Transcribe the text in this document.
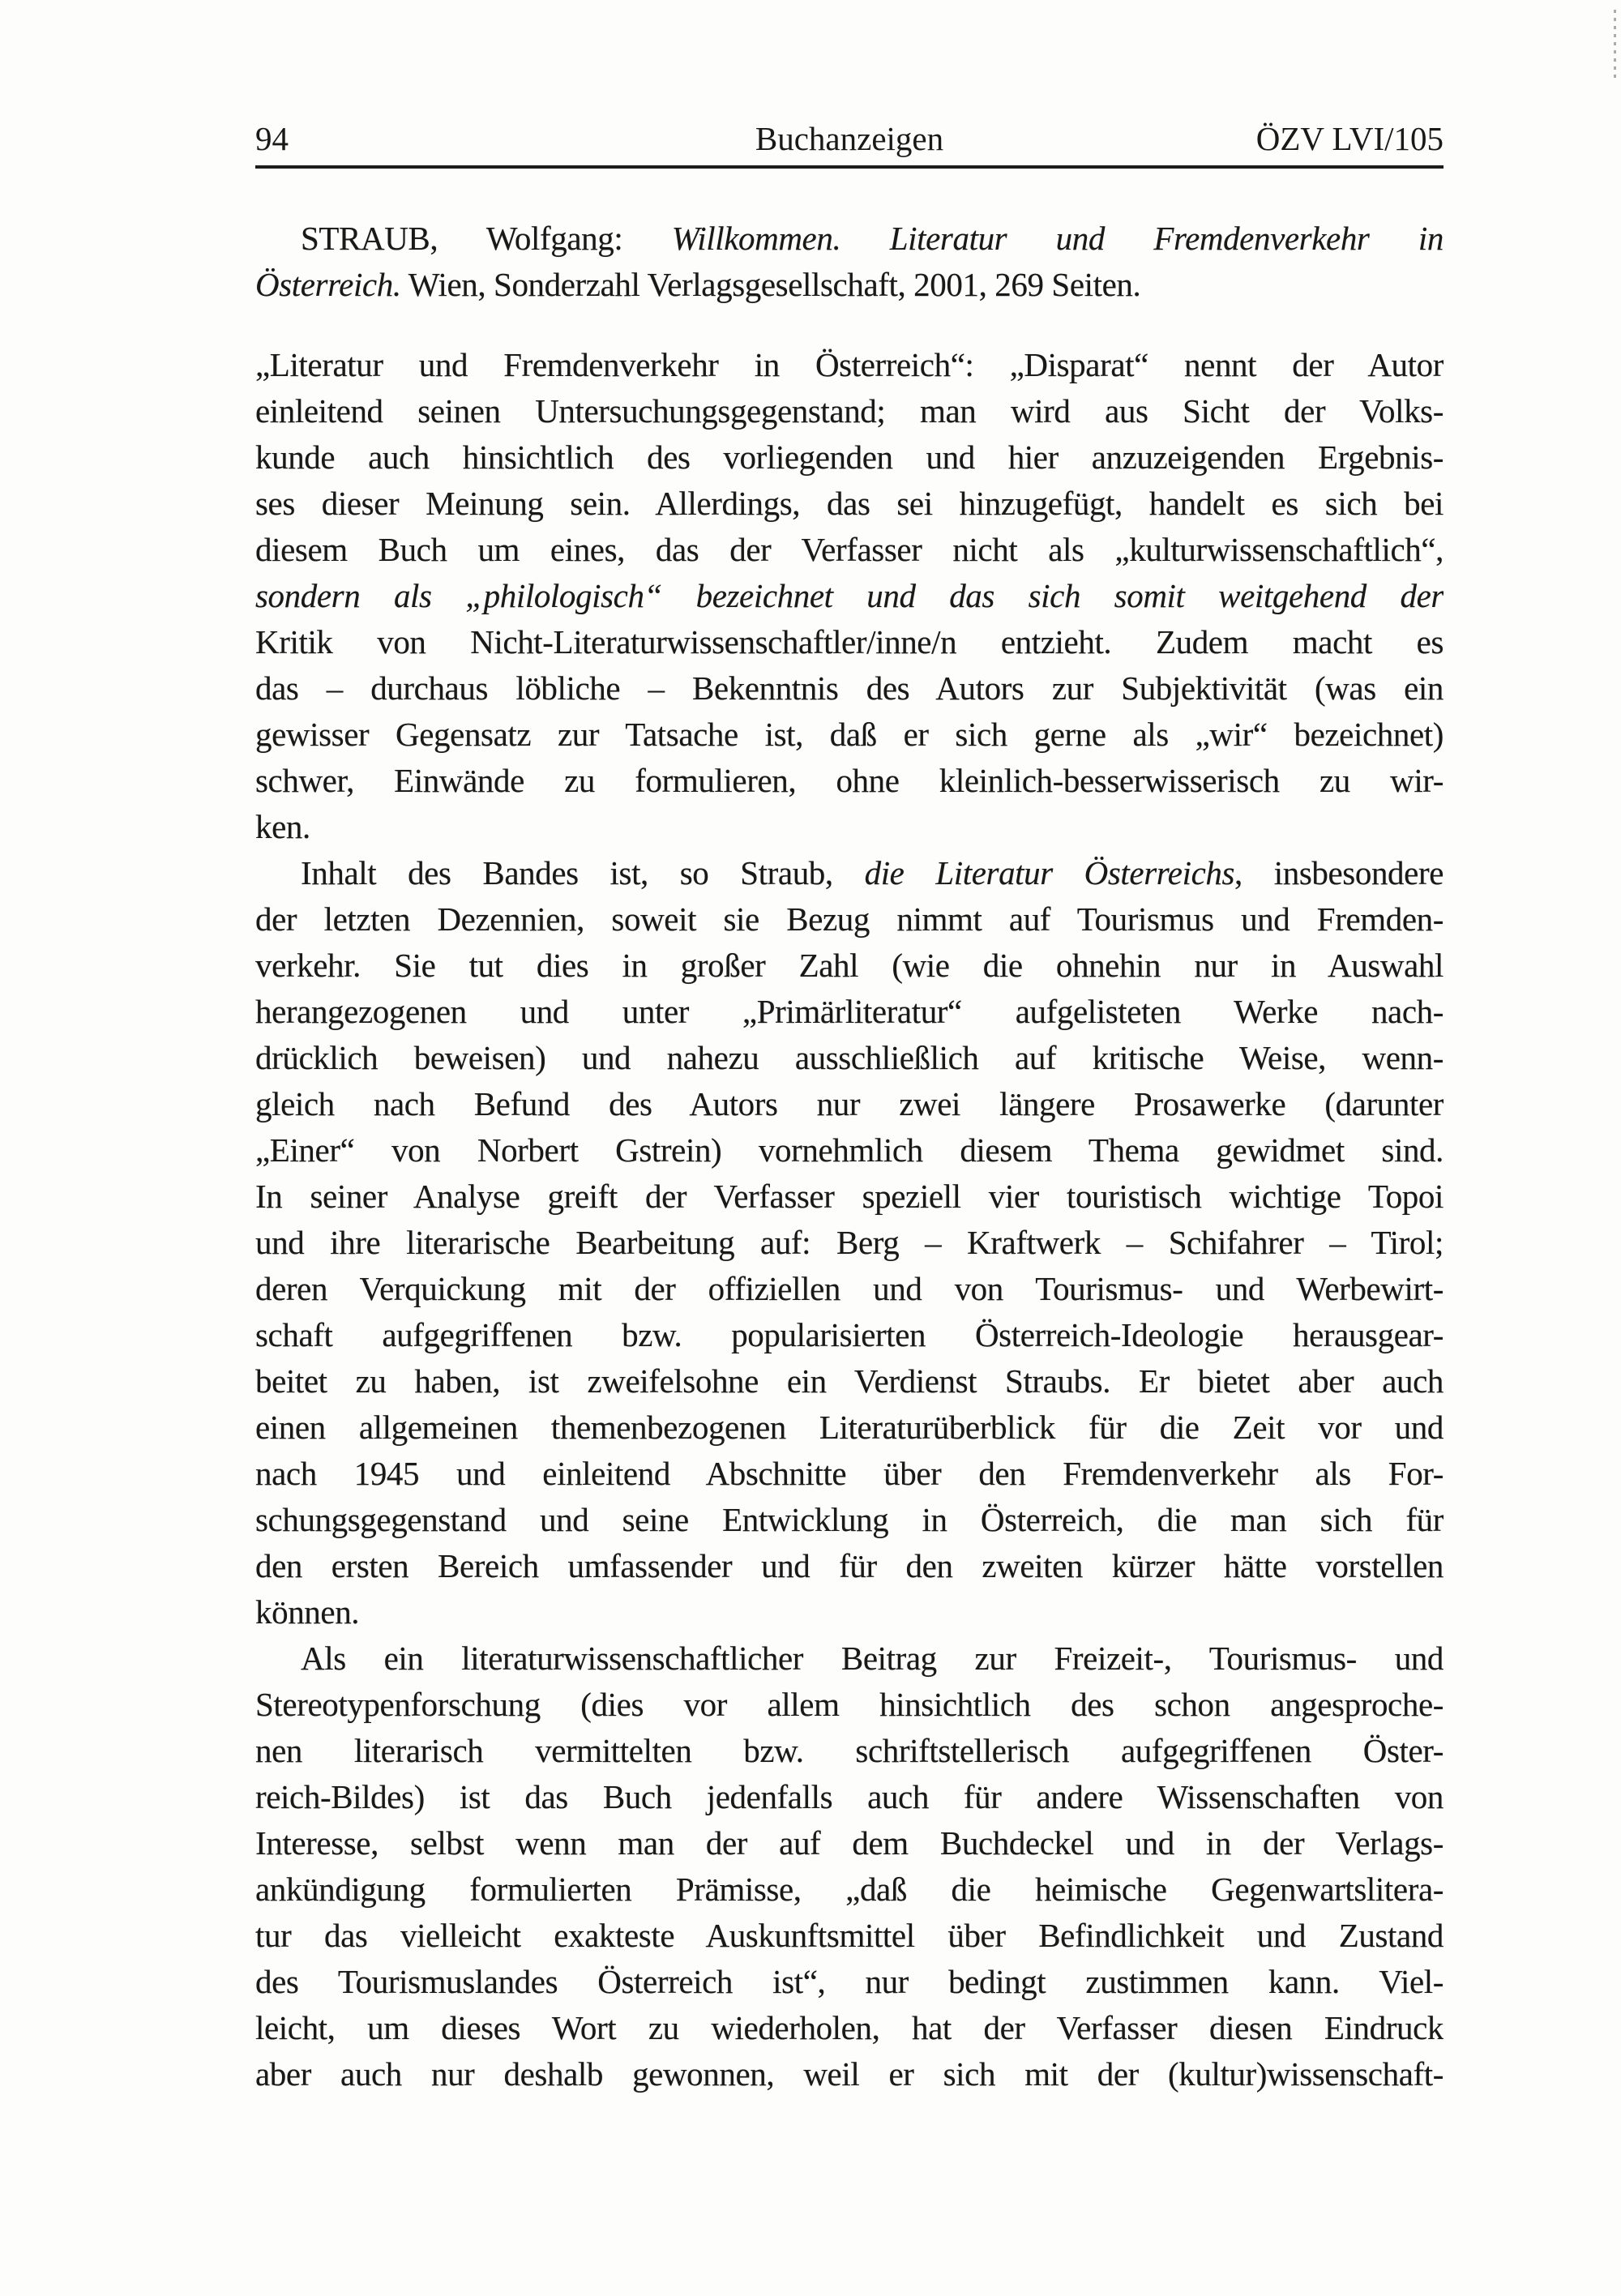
94	Buchanzeigen	ÖZV LVI/105
STRAUB, Wolfgang: Willkommen. Literatur und Fremdenverkehr in
Österreich. Wien, Sonderzahl Verlagsgesellschaft, 2001, 269 Seiten.
„Literatur und Fremdenverkehr in Österreich“: „Disparat“ nennt der Autor
einleitend seinen Untersuchungsgegenstand; man wird aus Sicht der Volks-
kunde auch hinsichtlich des vorliegenden und hier anzuzeigenden Ergebnis-
ses dieser Meinung sein. Allerdings, das sei hinzugefügt, handelt es sich bei
diesem Buch um eines, das der Verfasser nicht als „kulturwissenschaftlich“,
sondern als „philologisch“ bezeichnet und das sich somit weitgehend der
Kritik von Nicht-Literaturwissenschaftler/inne/n entzieht. Zudem macht es
das – durchaus löbliche – Bekenntnis des Autors zur Subjektivität (was ein
gewisser Gegensatz zur Tatsache ist, daß er sich gerne als „wir“ bezeichnet)
schwer, Einwände zu formulieren, ohne kleinlich-besserwisserisch zu wir-
ken.
Inhalt des Bandes ist, so Straub, die Literatur Österreichs, insbesondere
der letzten Dezennien, soweit sie Bezug nimmt auf Tourismus und Fremden-
verkehr. Sie tut dies in großer Zahl (wie die ohnehin nur in Auswahl
herangezogenen und unter „Primärliteratur“ aufgelisteten Werke nach-
drücklich beweisen) und nahezu ausschließlich auf kritische Weise, wenn-
gleich nach Befund des Autors nur zwei längere Prosawerke (darunter
„Einer“ von Norbert Gstrein) vornehmlich diesem Thema gewidmet sind.
In seiner Analyse greift der Verfasser speziell vier touristisch wichtige Topoi
und ihre literarische Bearbeitung auf: Berg – Kraftwerk – Schifahrer – Tirol;
deren Verquickung mit der offiziellen und von Tourismus- und Werbewirt-
schaft aufgegriffenen bzw. popularisierten Österreich-Ideologie herausgear-
beitet zu haben, ist zweifelsohne ein Verdienst Straubs. Er bietet aber auch
einen allgemeinen themenbezogenen Literaturüberblick für die Zeit vor und
nach 1945 und einleitend Abschnitte über den Fremdenverkehr als For-
schungsgegenstand und seine Entwicklung in Österreich, die man sich für
den ersten Bereich umfassender und für den zweiten kürzer hätte vorstellen
können.
Als ein literaturwissenschaftlicher Beitrag zur Freizeit-, Tourismus- und
Stereotypenforschung (dies vor allem hinsichtlich des schon angesproche-
nen literarisch vermittelten bzw. schriftstellerisch aufgegriffenen Öster-
reich-Bildes) ist das Buch jedenfalls auch für andere Wissenschaften von
Interesse, selbst wenn man der auf dem Buchdeckel und in der Verlags-
ankündigung formulierten Prämisse, „daß die heimische Gegenwartslitera-
tur das vielleicht exakteste Auskunftsmittel über Befindlichkeit und Zustand
des Tourismuslandes Österreich ist“, nur bedingt zustimmen kann. Viel-
leicht, um dieses Wort zu wiederholen, hat der Verfasser diesen Eindruck
aber auch nur deshalb gewonnen, weil er sich mit der (kultur)wissenschaft-
